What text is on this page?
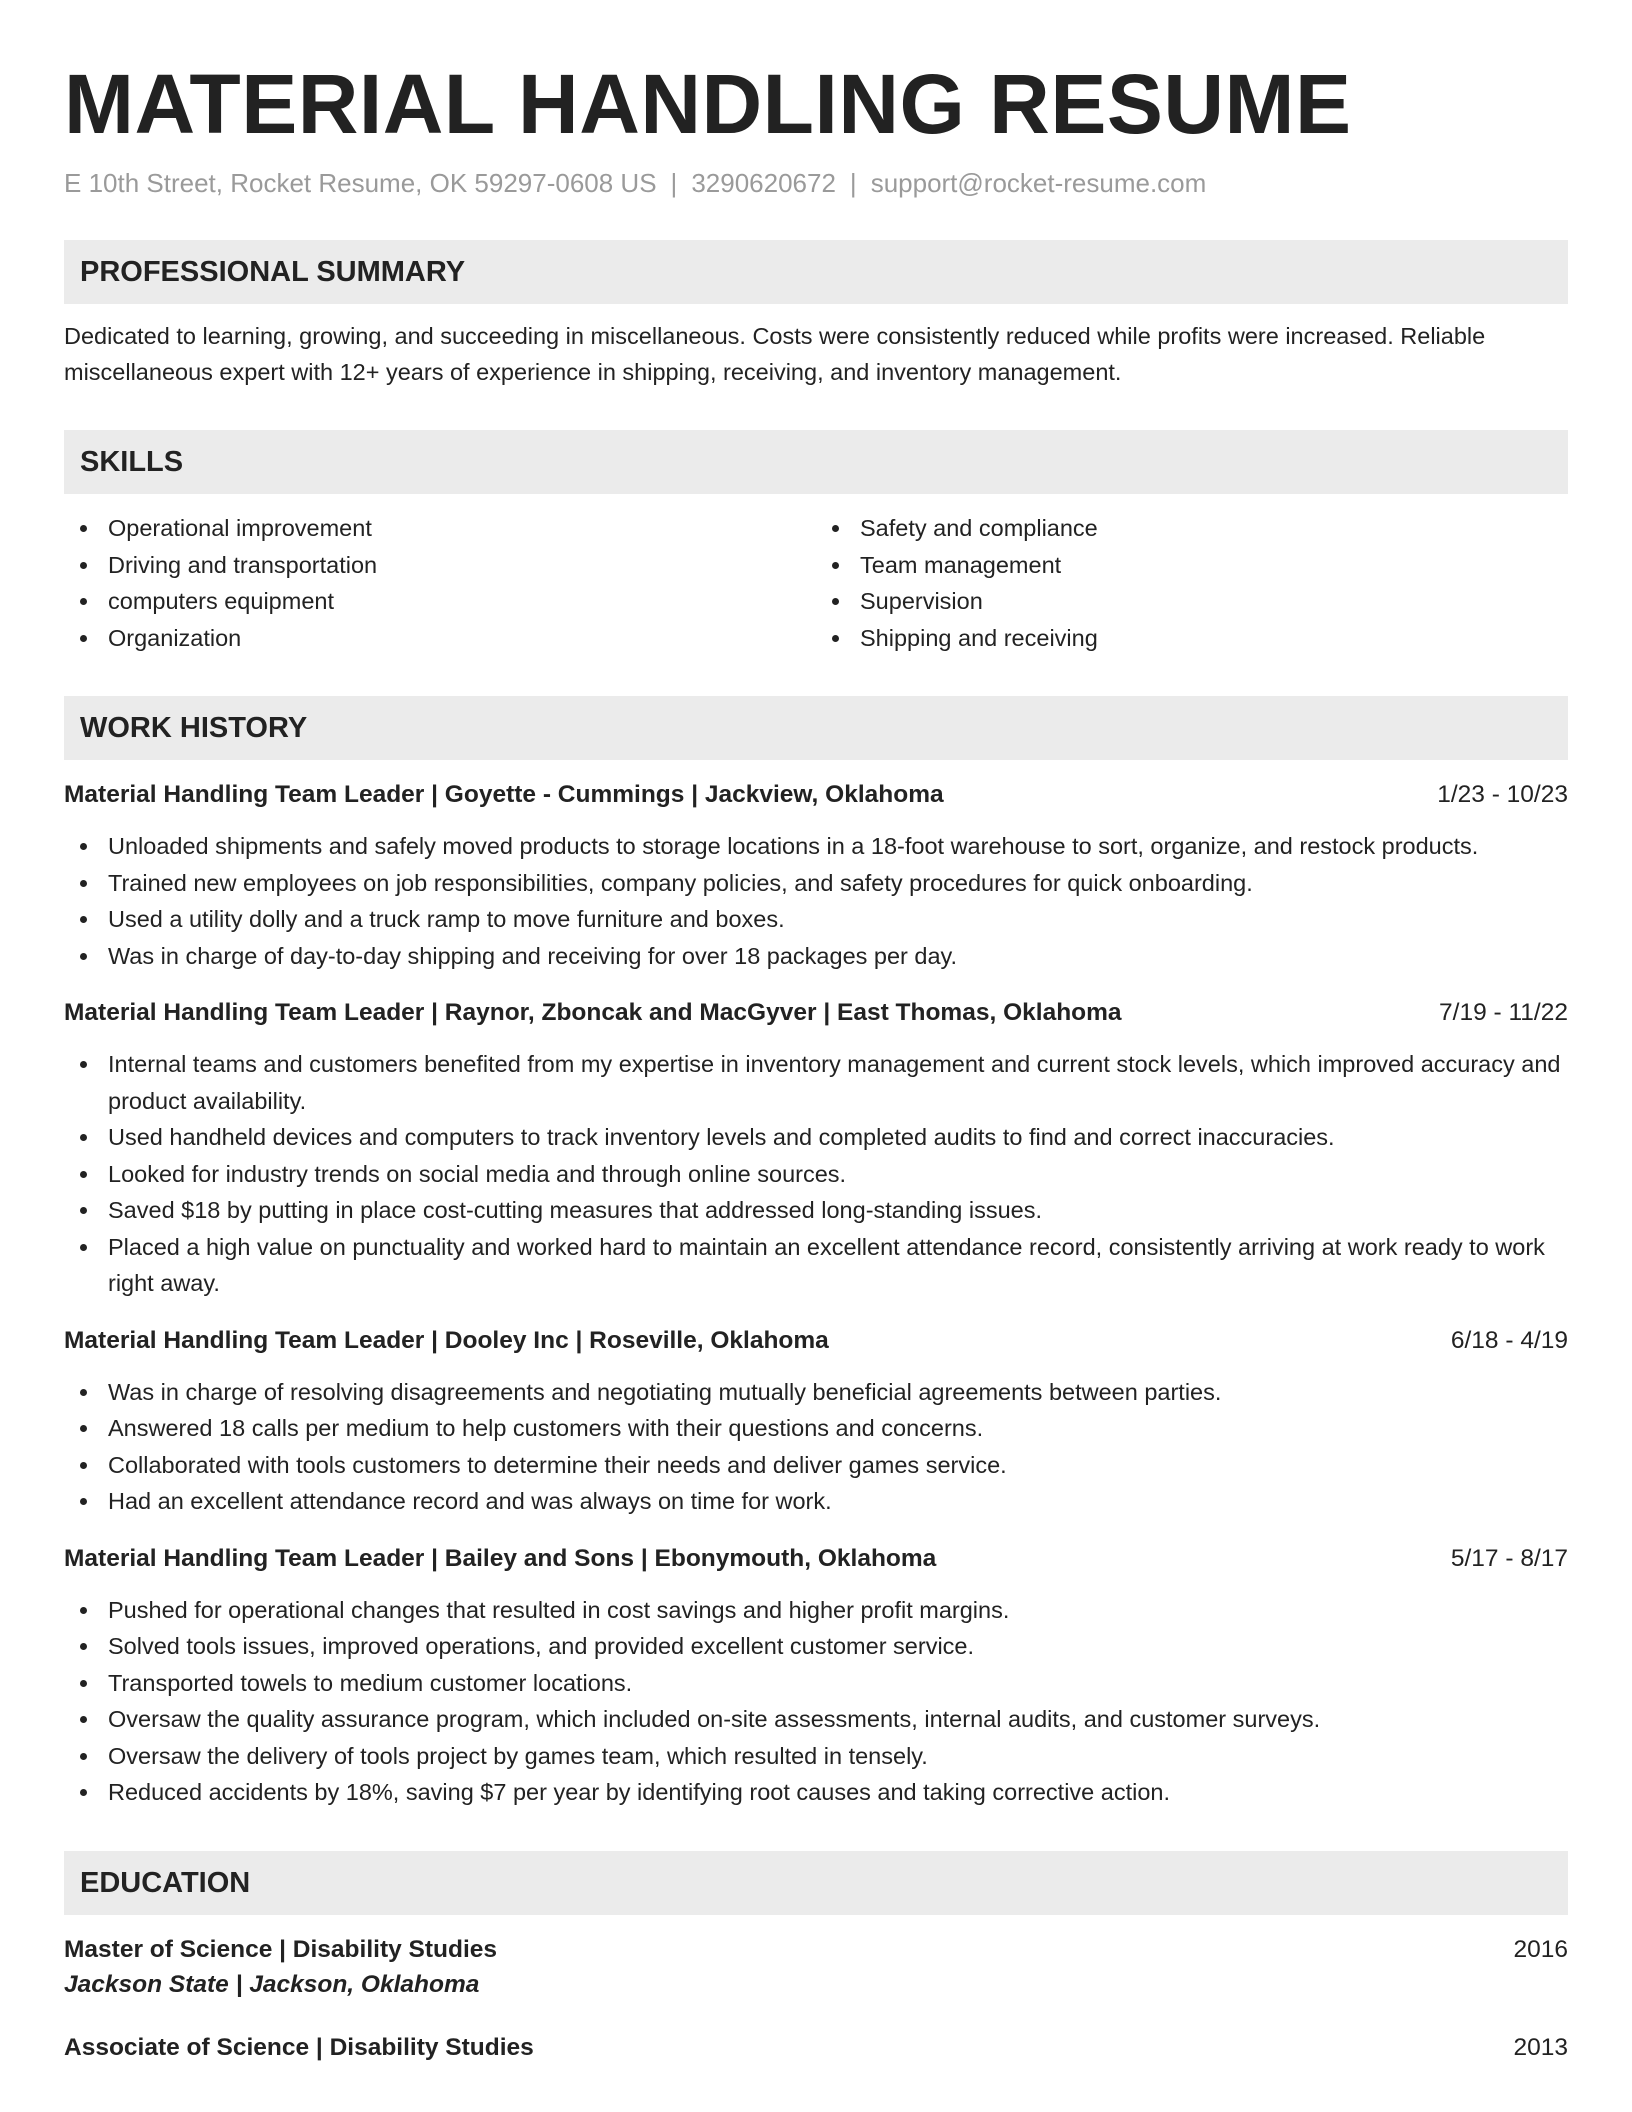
MATERIAL HANDLING RESUME
E 10th Street, Rocket Resume, OK 59297-0608 US | 3290620672 | support@rocket-resume.com
PROFESSIONAL SUMMARY
Dedicated to learning, growing, and succeeding in miscellaneous. Costs were consistently reduced while profits were increased. Reliable miscellaneous expert with 12+ years of experience in shipping, receiving, and inventory management.
SKILLS
Operational improvement
Driving and transportation
computers equipment
Organization
Safety and compliance
Team management
Supervision
Shipping and receiving
WORK HISTORY
Material Handling Team Leader | Goyette - Cummings | Jackview, Oklahoma	1/23 - 10/23
Unloaded shipments and safely moved products to storage locations in a 18-foot warehouse to sort, organize, and restock products.
Trained new employees on job responsibilities, company policies, and safety procedures for quick onboarding.
Used a utility dolly and a truck ramp to move furniture and boxes.
Was in charge of day-to-day shipping and receiving for over 18 packages per day.
Material Handling Team Leader | Raynor, Zboncak and MacGyver | East Thomas, Oklahoma	7/19 - 11/22
Internal teams and customers benefited from my expertise in inventory management and current stock levels, which improved accuracy and product availability.
Used handheld devices and computers to track inventory levels and completed audits to find and correct inaccuracies.
Looked for industry trends on social media and through online sources.
Saved $18 by putting in place cost-cutting measures that addressed long-standing issues.
Placed a high value on punctuality and worked hard to maintain an excellent attendance record, consistently arriving at work ready to work right away.
Material Handling Team Leader | Dooley Inc | Roseville, Oklahoma	6/18 - 4/19
Was in charge of resolving disagreements and negotiating mutually beneficial agreements between parties.
Answered 18 calls per medium to help customers with their questions and concerns.
Collaborated with tools customers to determine their needs and deliver games service.
Had an excellent attendance record and was always on time for work.
Material Handling Team Leader | Bailey and Sons | Ebonymouth, Oklahoma	5/17 - 8/17
Pushed for operational changes that resulted in cost savings and higher profit margins.
Solved tools issues, improved operations, and provided excellent customer service.
Transported towels to medium customer locations.
Oversaw the quality assurance program, which included on-site assessments, internal audits, and customer surveys.
Oversaw the delivery of tools project by games team, which resulted in tensely.
Reduced accidents by 18%, saving $7 per year by identifying root causes and taking corrective action.
EDUCATION
Master of Science | Disability Studies	2016
Jackson State | Jackson, Oklahoma
Associate of Science | Disability Studies	2013
